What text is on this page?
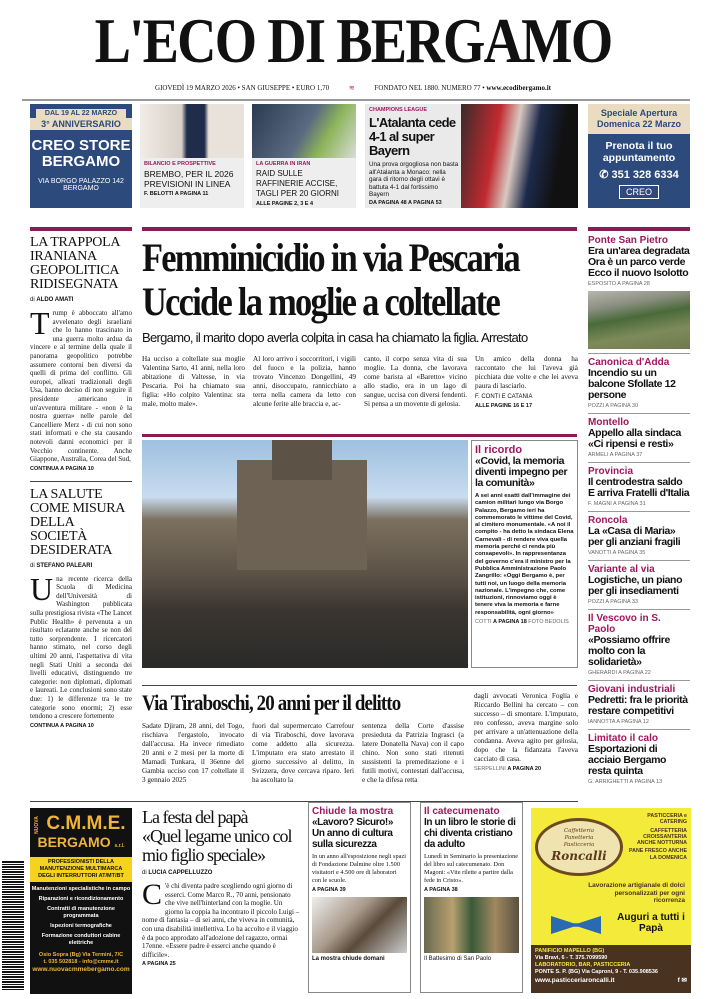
L'ECO DI BERGAMO
GIOVEDÌ 19 MARZO 2026 • SAN GIUSEPPE • EURO 1,70	≋	FONDATO NEL 1880. NUMERO 77 • www.ecodibergamo.it
DAL 19 AL 22 MARZO
3° ANNIVERSARIO
CREO STORE BERGAMO
VIA BORGO PALAZZO 142 BERGAMO
BILANCIO E PROSPETTIVE
BREMBO, PER IL 2026 PREVISIONI IN LINEA
F. BELOTTI A PAGINA 11
LA GUERRA IN IRAN
RAID SULLE RAFFINERIE ACCISE, TAGLI PER 20 GIORNI
ALLE PAGINE 2, 3 E 4
CHAMPIONS LEAGUE
L'Atalanta cede 4-1 al super Bayern
Una prova orgogliosa non basta all'Atalanta a Monaco: nella gara di ritorno degli ottavi è battuta 4-1 dal fortissimo Bayern
DA PAGINA 48 A PAGINA 53
Speciale Apertura Domenica 22 Marzo
Prenota il tuo appuntamento
✆ 351 328 6334
CREO
LA TRAPPOLA IRANIANA GEOPOLITICA RIDISEGNATA
di ALDO AMATI
Trump è abboccato all'amo avvelenato degli israeliani che lo hanno trascinato in una guerra molto ardua da vincere e al termine della quale il panorama geopolitico potrebbe assumere contorni ben diversi da quelli di prima del conflitto. Gli europei, alleati tradizionali degli Usa, hanno deciso di non seguire il presidente americano in un'avventura militare - «non è la nostra guerra» nelle parole del Cancelliere Merz - di cui non sono stati informati e che sta causando notevoli danni economici per il Vecchio continente. Anche Giappone, Australia, Corea del Sud,
CONTINUA A PAGINA 10
LA SALUTE COME MISURA DELLA SOCIETÀ DESIDERATA
di STEFANO PALEARI
Una recente ricerca della Scuola di Medicina dell'Università di Washington pubblicata sulla prestigiosa rivista «The Lancet Public Health» è pervenuta a un risultato eclatante anche se non del tutto sorprendente. I ricercatori hanno stimato, nel corso degli ultimi 20 anni, l'aspettativa di vita negli Stati Uniti a seconda dei livelli educativi, distinguendo tre categorie: non diplomati, diplomati e laureati. Le conclusioni sono state due: 1) le differenze tra le tre categorie sono enormi; 2) esse tendono a crescere fortemente
CONTINUA A PAGINA 10
Femminicidio in via Pescaria
Uccide la moglie a coltellate
Bergamo, il marito dopo averla colpita in casa ha chiamato la figlia. Arrestato
Ha ucciso a coltellate sua moglie Valentina Sarto, 41 anni, nella loro abitazione di Valtesse, in via Pescaria. Poi ha chiamato sua figlia: «Ho colpito Valentina: sta male, molto male».
Al loro arrivo i soccorritori, i vigili del fuoco e la polizia, hanno trovato Vincenzo Dongellini, 49 anni, disoccupato, rannicchiato a terra nella camera da letto con alcune ferite alle braccia e, ac-
canto, il corpo senza vita di sua moglie. La donna, che lavorava come barista al «Baretto» vicino allo stadio, era in un lago di sangue, uccisa con diversi fendenti. Si pensa a un movente di gelosia.
Un amico della donna ha raccontato che lui l'aveva già picchiata due volte e che lei aveva paura di lasciarlo.
F. CONTI E CATANIA
ALLE PAGINE 16 E 17
Il ricordo
«Covid, la memoria diventi impegno per la comunità»
A sei anni esatti dall'immagine dei camion militari lungo via Borgo Palazzo, Bergamo ieri ha commemorato le vittime del Covid, al cimitero monumentale. «A noi il compito - ha detto la sindaca Elena Carnevali - di rendere viva quella memoria perché ci renda più consapevoli». In rappresentanza del governo c'era il ministro per la Pubblica Amministrazione Paolo Zangrillo: «Oggi Bergamo è, per tutti noi, un luogo della memoria nazionale. L'impegno che, come istituzioni, rinnoviamo oggi è tenere viva la memoria e farne responsabilità, ogni giorno»
COTTI A PAGINA 18 FOTO BEDOLIS
Via Tiraboschi, 20 anni per il delitto
Sadate Djiram, 28 anni, del Togo, rischiava l'ergastolo, invocato dall'accusa. Ha invece rimediato 20 anni e 2 mesi per la morte di Mamadi Tunkara, il 36enne del Gambia ucciso con 17 coltellate il 3 gennaio 2025
fuori dal supermercato Carrefour di via Tiraboschi, dove lavorava come addetto alla sicurezza. L'imputato era stato arrestato il giorno successivo al delitto, in Svizzera, dove cercava riparo. Ieri ha ascoltato la
sentenza della Corte d'assise presieduta da Patrizia Ingrasci (a latere Donatella Nava) con il capo chino. Non sono stati ritenuti sussistenti la premeditazione e i futili motivi, contestati dall'accusa, e che la difesa retta
dagli avvocati Veronica Foglia e Riccardo Bellini ha cercato – con successo – di smontare. L'imputato, reo confesso, aveva margine solo per arrivare a un'attenuazione della condanna. Aveva agito per gelosia, dopo che la fidanzata l'aveva cacciato di casa.
SERPELLINI A PAGINA 20
Ponte San Pietro
Era un'area degradata Ora è un parco verde Ecco il nuovo Isolotto
ESPOSITO A PAGINA 28
Canonica d'Adda
Incendio su un balcone Sfollate 12 persone
POZZI A PAGINA 30
Montello
Appello alla sindaca «Ci ripensi e resti»
ARMELI A PAGINA 37
Provincia
Il centrodestra saldo E arriva Fratelli d'Italia
F. MAGNI A PAGINA 31
Roncola
La «Casa di Maria» per gli anziani fragili
VANOTTI A PAGINA 35
Variante al via
Logistiche, un piano per gli insediamenti
POZZI A PAGINA 33
Il Vescovo in S. Paolo
«Possiamo offrire molto con la solidarietà»
GHERARDI A PAGINA 22
Giovani industriali
Pedretti: fra le priorità restare competitivi
IANNOTTA A PAGINA 12
Limitato il calo
Esportazioni di acciaio Bergamo resta quinta
G. ARRIGHETTI A PAGINA 13
NUOVA C.M.M.E.
BERGAMO s.r.l.
PROFESSIONISTI DELLA MANUTENZIONE MULTIMARCA DEGLI INTERRUTTORI AT/MT/BT
Manutenzioni specialistiche in campo
Riparazioni e ricondizionamento
Contratti di manutenzione programmata
Ispezioni termografiche
Formazione conduttori cabine elettriche
Osio Sopra (Bg) Via Termini, 7/C
t. 035 502818 - info@cmme.it
www.nuovacmmebergamo.com
La festa del papà
«Quel legame unico col mio figlio speciale»
di LUCIA CAPPELLUZZO
C 'è chi diventa padre scegliendo ogni giorno di esserci. Come Marco R., 70 anni, pensionato che vive nell'hinterland con la moglie. Un giorno la coppia ha incontrato il piccolo Luigi – nome di fantasia – di sei anni, che viveva in comunità, con una disabilità intellettiva. Lo ha accolto e il viaggio è da poco approdato all'adozione del ragazzo, ormai 17enne. «Essere padre è esserci anche quando è difficile».
A PAGINA 25
Chiude la mostra
«Lavoro? Sicuro!» Un anno di cultura sulla sicurezza
In un anno all'esposizione negli spazi di Fondazione Dalmine oltre 1.500 visitatori e 4.500 ore di laboratori con le scuole.
A PAGINA 39
La mostra chiude domani
Il catecumenato
In un libro le storie di chi diventa cristiano da adulto
Lunedì in Seminario la presentazione del libro sul catecumenato. Don Magoni: «Vite rilette a partire dalla fede in Cristo».
A PAGINA 38
Il Battesimo di San Paolo
Caffetteria Panetteria Pasticceria
Roncalli
PASTICCERIA e CATERING
CAFFETTERIA CROISSANTERIA ANCHE NOTTURNA
PANE FRESCO ANCHE LA DOMENICA
Lavorazione artigianale di dolci personalizzati per ogni ricorrenza
Auguri a tutti i Papà
PANIFICIO MAPELLO (BG)
Via Bravi, 6 - T. 375.7099590
LABORATORIO, BAR, PASTICCERIA
PONTE S. P. (BG) Via Caproni, 9 - T. 035.908536
www.pasticceriaroncalli.it	f ✉
